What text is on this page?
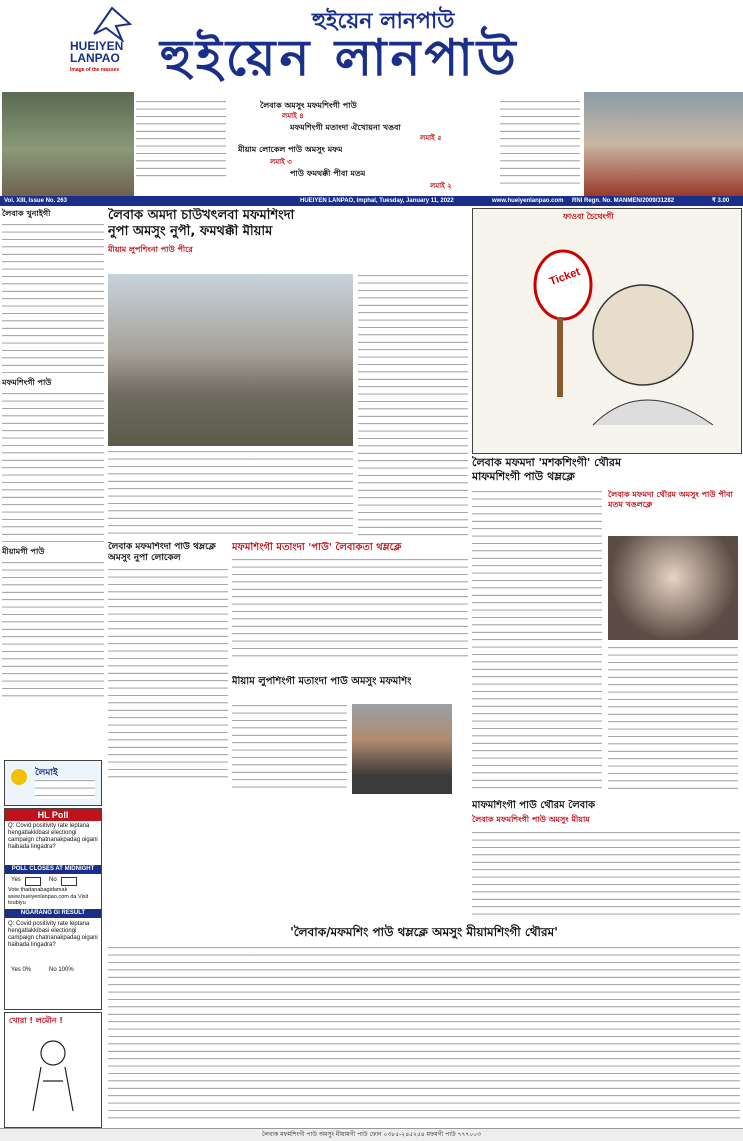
HUEIYEN
LANPAO
Image of the masses
হুইয়েন লানপাউ
হুইয়েন লানপাউ
লৈবাক অমসুং মফমশিংগী পাউ
লমাই ৪
মফমশিংগী মতাংদা ঐখোয়না খঙবা
লমাই ৫
মীয়াম লোকেল পাউ অমসুং মফম
লমাই ৩
পাউ ফমথক্কী পীবা মতম
লমাই ২
Vol. XIII, Issue No. 263	HUEIYEN LANPAO, Imphal, Tuesday, January 11, 2022	www.hueiyenlanpao.com RNI Regn. No. MANMEN/2009/31282	₹ 3.00
লৈবাক খুনাইগী
মফমশিংগী পাউ
মীয়ামগী পাউ
লৈমাই
HL Poll
Q: Covid positivity rate leptana hengatlakkibasi electiongi campaign chatnanakpadag oigani haibada lingadra?
POLL CLOSES AT MIDNIGHT
Yes	No
Vote thadanabagidamak www.hueiyenlanpao.com da Visit toubiyu
NGARANG GI RESULT
Q: Covid positivity rate leptana hengatlakkibasi electiongi campaign chatnanakpadag oigani haibada lingadra?
Yes 0%	No 100%
খোরা ! লমৌন !
লৈবাক অমদা চাউখৎলবা মফমশিংদা
নুপা অমসুং নুপী, ফমথক্কী মীয়াম
মীয়াম লুপশিংনা পাউ পীরে
ফাওবা চৈথেংগী
Ticket
লৈবাক মফমদা 'মশকশিংগী' থৌরম
মাফমশিংগী পাউ থম্লক্লে
লৈবাক মফমদা থৌরম অমসুং পাউ পীবা মতম খঙলক্লে
লৈবাক মফমশিংদা পাউ থম্লক্লে অমসুং নুপা লোকেল
মফমশিংগী মতাংদা 'পাউ' লৈবাকতা থম্লক্লে
মীয়াম লুপশিংগী মতাংদা পাউ অমসুং মফমশিং
মাফমশিংগী পাউ থৌরম লৈবাক
লৈবাক মফমশিংগী পাউ অমসুং মীয়াম
'লৈবাক/মফমশিং পাউ থম্লক্লে অমসুং মীয়ামশিংগী থৌরম'
লৈবাক মফমশিংগী পাউ অমসুং মীয়ামগী পাউ ফোন ০৩৮৫-২৪৫২৫৪ মফমগী পাউ ৭৭৭০০৩
